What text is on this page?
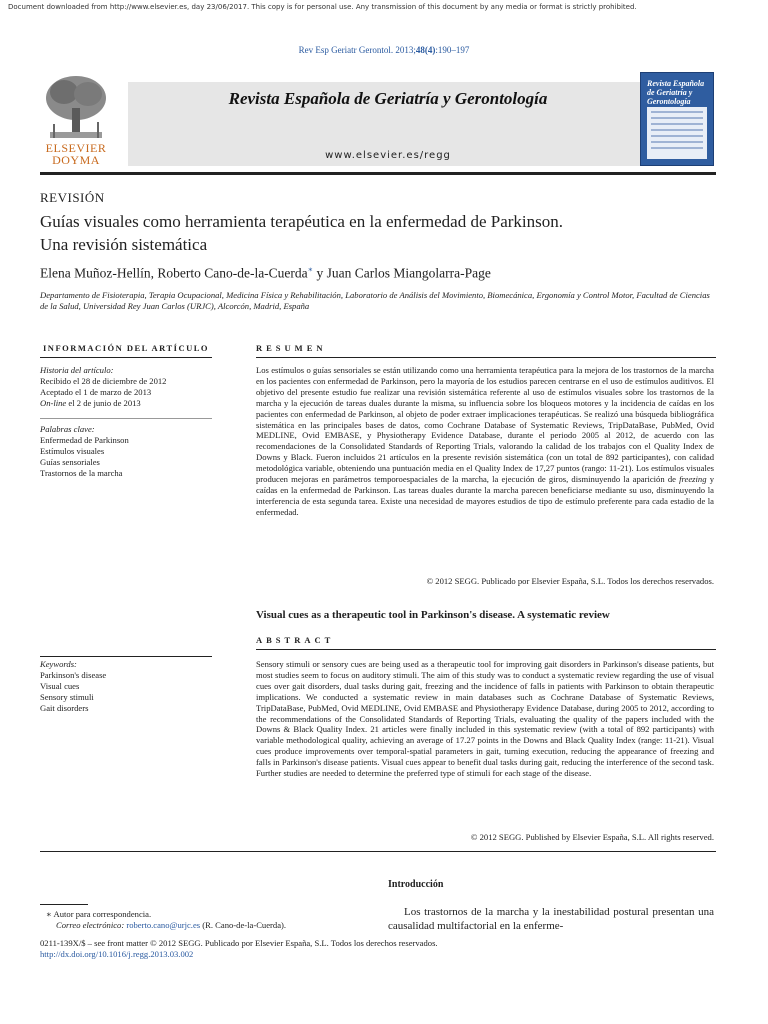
Document downloaded from http://www.elsevier.es, day 23/06/2017. This copy is for personal use. Any transmission of this document by any media or format is strictly prohibited.
Rev Esp Geriatr Gerontol. 2013;48(4):190–197
ELSEVIER
DOYMA
Revista Española de Geriatría y Gerontología
www.elsevier.es/regg
Revista Española de Geriatría y Gerontología
REVISIÓN
Guías visuales como herramienta terapéutica en la enfermedad de Parkinson.
Una revisión sistemática
Elena Muñoz-Hellín, Roberto Cano-de-la-Cuerda∗ y Juan Carlos Miangolarra-Page
Departamento de Fisioterapia, Terapia Ocupacional, Medicina Física y Rehabilitación, Laboratorio de Análisis del Movimiento, Biomecánica, Ergonomía y Control Motor, Facultad de Ciencias de la Salud, Universidad Rey Juan Carlos (URJC), Alcorcón, Madrid, España
INFORMACIÓN DEL ARTÍCULO
Historia del artículo:
Recibido el 28 de diciembre de 2012
Aceptado el 1 de marzo de 2013
On-line el 2 de junio de 2013
Palabras clave:
Enfermedad de Parkinson
Estímulos visuales
Guías sensoriales
Trastornos de la marcha
RESUMEN
Los estímulos o guías sensoriales se están utilizando como una herramienta terapéutica para la mejora de los trastornos de la marcha en los pacientes con enfermedad de Parkinson, pero la mayoría de los estudios parecen centrarse en el uso de estímulos auditivos. El objetivo del presente estudio fue realizar una revisión sistemática referente al uso de estímulos visuales sobre los trastornos de la marcha y la ejecución de tareas duales durante la misma, su influencia sobre los bloqueos motores y la incidencia de caídas en los pacientes con enfermedad de Parkinson, al objeto de poder extraer implicaciones terapéuticas. Se realizó una búsqueda bibliográfica sistemática en las principales bases de datos, como Cochrane Database of Systematic Reviews, TripDataBase, PubMed, Ovid MEDLINE, Ovid EMBASE, y Physiotherapy Evidence Database, durante el periodo 2005 al 2012, de acuerdo con las recomendaciones de la Consolidated Standards of Reporting Trials, valorando la calidad de los trabajos con el Quality Index de Downs y Black. Fueron incluidos 21 artículos en la presente revisión sistemática (con un total de 892 participantes), con calidad metodológica variable, obteniendo una puntuación media en el Quality Index de 17,27 puntos (rango: 11-21). Los estímulos visuales producen mejoras en parámetros temporoespaciales de la marcha, la ejecución de giros, disminuyendo la aparición de freezing y caídas en la enfermedad de Parkinson. Las tareas duales durante la marcha parecen beneficiarse mediante su uso, disminuyendo la interferencia de esta segunda tarea. Existe una necesidad de mayores estudios de tipo de estímulo preferente para cada estadio de la enfermedad.
© 2012 SEGG. Publicado por Elsevier España, S.L. Todos los derechos reservados.
Visual cues as a therapeutic tool in Parkinson's disease. A systematic review
ABSTRACT
Keywords:
Parkinson's disease
Visual cues
Sensory stimuli
Gait disorders
Sensory stimuli or sensory cues are being used as a therapeutic tool for improving gait disorders in Parkinson's disease patients, but most studies seem to focus on auditory stimuli. The aim of this study was to conduct a systematic review regarding the use of visual cues over gait disorders, dual tasks during gait, freezing and the incidence of falls in patients with Parkinson to obtain therapeutic implications. We conducted a systematic review in main databases such as Cochrane Database of Systematic Reviews, TripDataBase, PubMed, Ovid MEDLINE, Ovid EMBASE and Physiotherapy Evidence Database, during 2005 to 2012, according to the recommendations of the Consolidated Standards of Reporting Trials, evaluating the quality of the papers included with the Downs & Black Quality Index. 21 articles were finally included in this systematic review (with a total of 892 participants) with variable methodological quality, achieving an average of 17.27 points in the Downs and Black Quality Index (range: 11-21). Visual cues produce improvements over temporal-spatial parameters in gait, turning execution, reducing the appearance of freezing and falls in Parkinson's disease patients. Visual cues appear to benefit dual tasks during gait, reducing the interference of the second task. Further studies are needed to determine the preferred type of stimuli for each stage of the disease.
© 2012 SEGG. Published by Elsevier España, S.L. All rights reserved.
Introducción
Los trastornos de la marcha y la inestabilidad postural presentan una causalidad multifactorial en la enferme-
∗ Autor para correspondencia.
Correo electrónico: roberto.cano@urjc.es (R. Cano-de-la-Cuerda).
0211-139X/$ – see front matter © 2012 SEGG. Publicado por Elsevier España, S.L. Todos los derechos reservados.
http://dx.doi.org/10.1016/j.regg.2013.03.002
